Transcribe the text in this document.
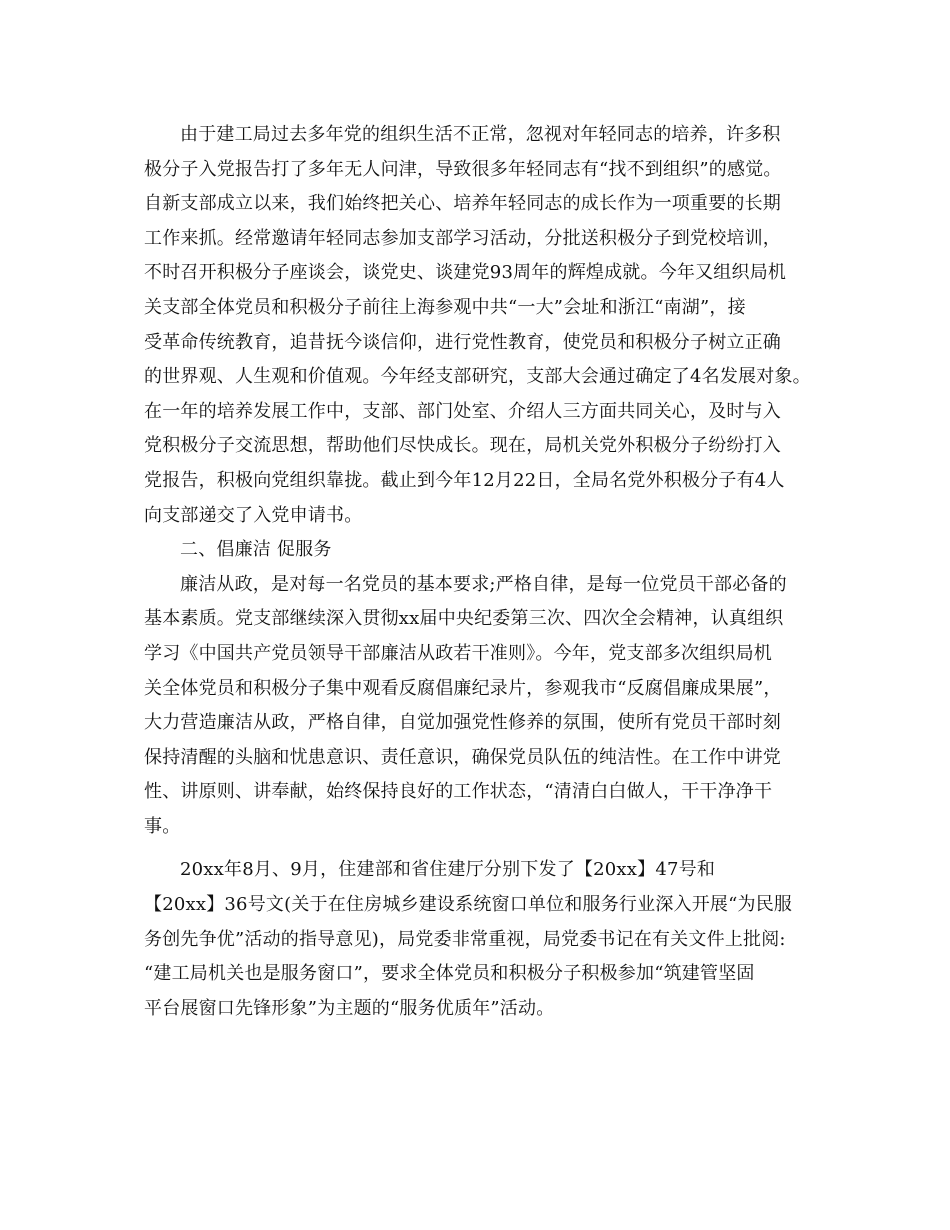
由于建工局过去多年党的组织生活不正常，忽视对年轻同志的培养，许多积
极分子入党报告打了多年无人问津，导致很多年轻同志有“找不到组织”的感觉。
自新支部成立以来，我们始终把关心、培养年轻同志的成长作为一项重要的长期
工作来抓。经常邀请年轻同志参加支部学习活动，分批送积极分子到党校培训，
不时召开积极分子座谈会，谈党史、谈建党93周年的辉煌成就。今年又组织局机
关支部全体党员和积极分子前往上海参观中共“一大”会址和浙江“南湖”，接
受革命传统教育，追昔抚今谈信仰，进行党性教育，使党员和积极分子树立正确
的世界观、人生观和价值观。今年经支部研究，支部大会通过确定了4名发展对象。
在一年的培养发展工作中，支部、部门处室、介绍人三方面共同关心，及时与入
党积极分子交流思想，帮助他们尽快成长。现在，局机关党外积极分子纷纷打入
党报告，积极向党组织靠拢。截止到今年12月22日，全局名党外积极分子有4人
向支部递交了入党申请书。
二、倡廉洁 促服务
廉洁从政，是对每一名党员的基本要求;严格自律，是每一位党员干部必备的
基本素质。党支部继续深入贯彻xx届中央纪委第三次、四次全会精神，认真组织
学习《中国共产党员领导干部廉洁从政若干准则》。今年，党支部多次组织局机
关全体党员和积极分子集中观看反腐倡廉纪录片，参观我市“反腐倡廉成果展”，
大力营造廉洁从政，严格自律，自觉加强党性修养的氛围，使所有党员干部时刻
保持清醒的头脑和忧患意识、责任意识，确保党员队伍的纯洁性。在工作中讲党
性、讲原则、讲奉献，始终保持良好的工作状态，“清清白白做人，干干净净干
事。
20xx年8月、9月，住建部和省住建厅分别下发了【20xx】47号和
【20xx】36号文(关于在住房城乡建设系统窗口单位和服务行业深入开展“为民服
务创先争优”活动的指导意见)，局党委非常重视，局党委书记在有关文件上批阅:
“建工局机关也是服务窗口”，要求全体党员和积极分子积极参加“筑建管坚固
平台展窗口先锋形象”为主题的“服务优质年”活动。
